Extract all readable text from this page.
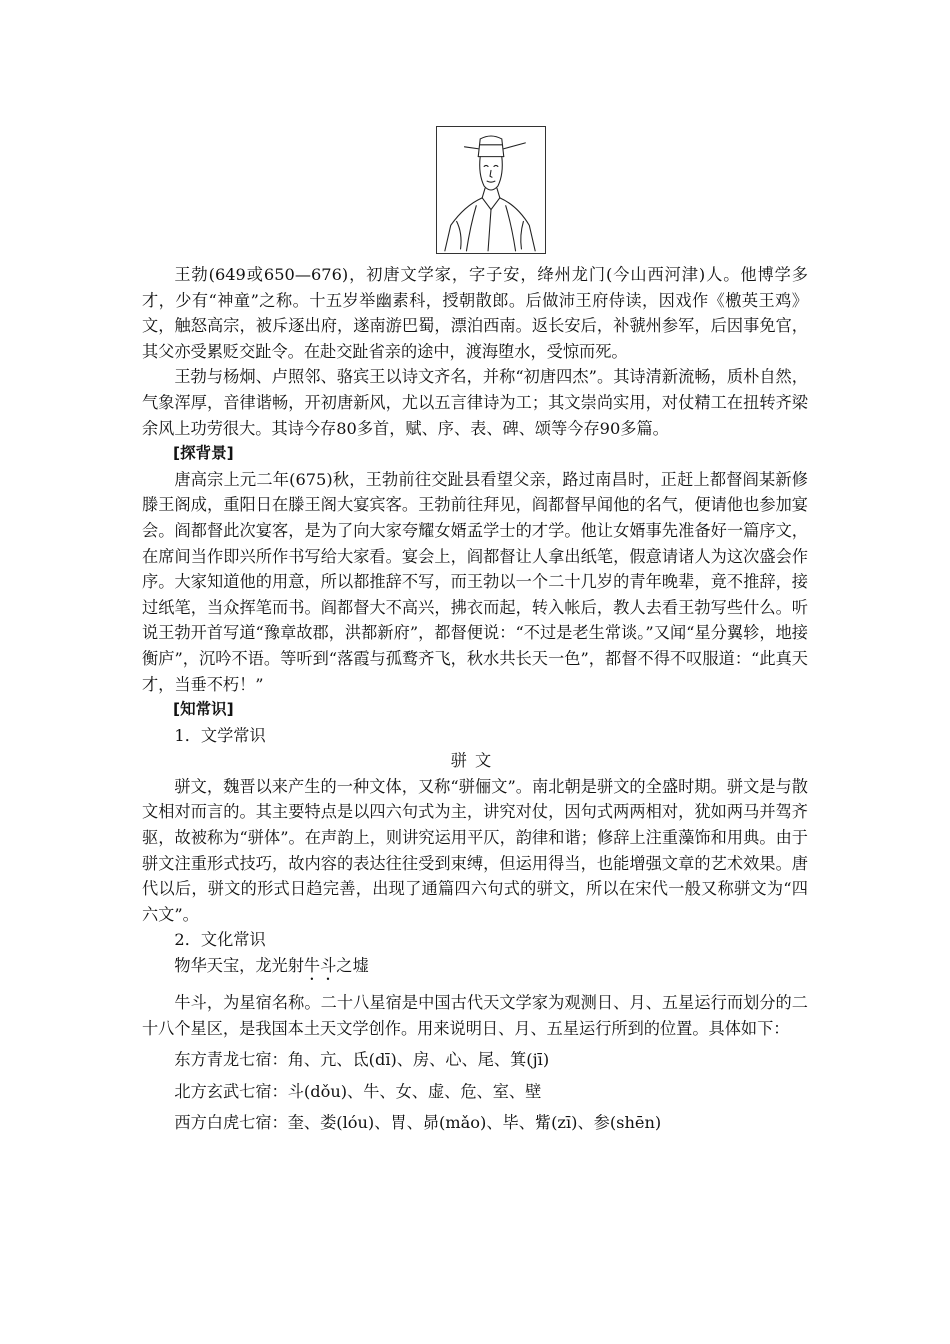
王勃(649或650—676)，初唐文学家，字子安，绛州龙门(今山西河津)人。他博学多才，少有“神童”之称。十五岁举幽素科，授朝散郎。后做沛王府侍读，因戏作《檄英王鸡》文，触怒高宗，被斥逐出府，遂南游巴蜀，漂泊西南。返长安后，补虢州参军，后因事免官，其父亦受累贬交趾令。在赴交趾省亲的途中，渡海堕水，受惊而死。

王勃与杨炯、卢照邻、骆宾王以诗文齐名，并称“初唐四杰”。其诗清新流畅，质朴自然，气象浑厚，音律谐畅，开初唐新风，尤以五言律诗为工；其文崇尚实用，对仗精工在扭转齐梁余风上功劳很大。其诗今存80多首，赋、序、表、碑、颂等今存90多篇。

[探背景]

唐高宗上元二年(675)秋，王勃前往交趾县看望父亲，路过南昌时，正赶上都督阎某新修滕王阁成，重阳日在滕王阁大宴宾客。王勃前往拜见，阎都督早闻他的名气，便请他也参加宴会。阎都督此次宴客，是为了向大家夸耀女婿孟学士的才学。他让女婿事先准备好一篇序文，在席间当作即兴所作书写给大家看。宴会上，阎都督让人拿出纸笔，假意请诸人为这次盛会作序。大家知道他的用意，所以都推辞不写，而王勃以一个二十几岁的青年晚辈，竟不推辞，接过纸笔，当众挥笔而书。阎都督大不高兴，拂衣而起，转入帐后，教人去看王勃写些什么。听说王勃开首写道“豫章故郡，洪都新府”，都督便说：“不过是老生常谈。”又闻“星分翼轸，地接衡庐”，沉吟不语。等听到“落霞与孤鹜齐飞，秋水共长天一色”，都督不得不叹服道：“此真天才，当垂不朽！”

[知常识]

1．文学常识

骈文

骈文，魏晋以来产生的一种文体，又称“骈俪文”。南北朝是骈文的全盛时期。骈文是与散文相对而言的。其主要特点是以四六句式为主，讲究对仗，因句式两两相对，犹如两马并驾齐驱，故被称为“骈体”。在声韵上，则讲究运用平仄，韵律和谐；修辞上注重藻饰和用典。由于骈文注重形式技巧，故内容的表达往往受到束缚，但运用得当，也能增强文章的艺术效果。唐代以后，骈文的形式日趋完善，出现了通篇四六句式的骈文，所以在宋代一般又称骈文为“四六文”。

2．文化常识

物华天宝，龙光射牛斗之墟

牛斗，为星宿名称。二十八星宿是中国古代天文学家为观测日、月、五星运行而划分的二十八个星区，是我国本土天文学创作。用来说明日、月、五星运行所到的位置。具体如下：

东方青龙七宿：角、亢、氐(dī)、房、心、尾、箕(jī)

北方玄武七宿：斗(dǒu)、牛、女、虚、危、室、壁

西方白虎七宿：奎、娄(lóu)、胃、昴(mǎo)、毕、觜(zī)、参(shēn)
